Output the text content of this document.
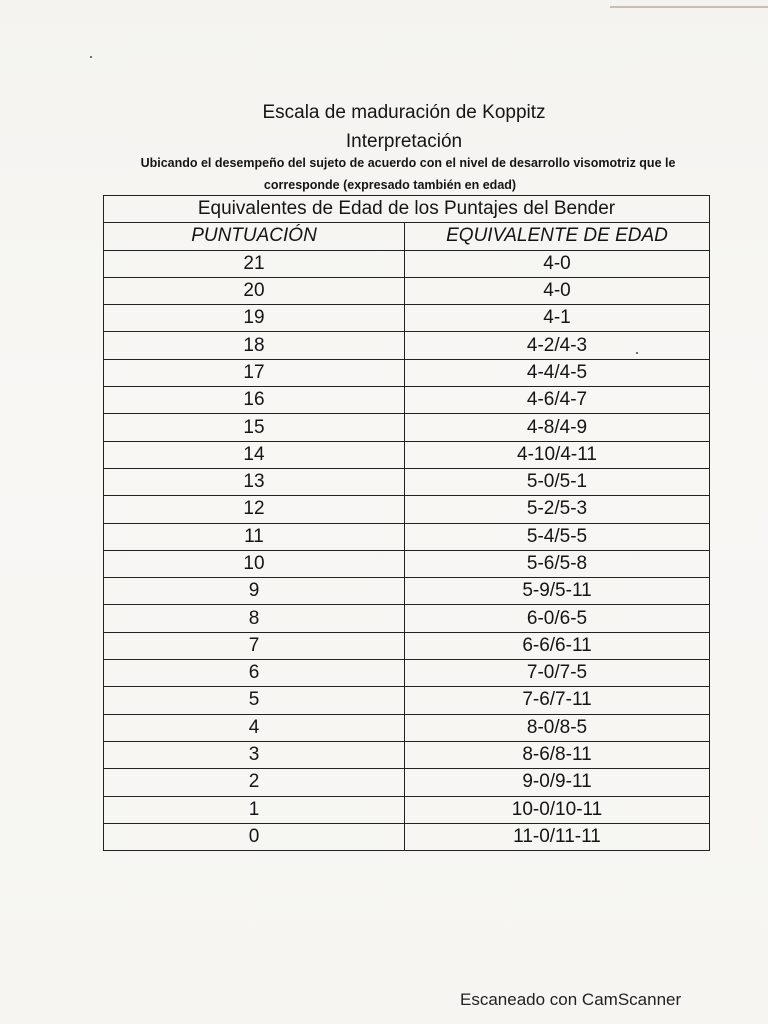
Escala de maduración de Koppitz
Interpretación
Ubicando el desempeño del sujeto de acuerdo con el nivel de desarrollo visomotriz que le
corresponde (expresado también en edad)
Equivalentes de Edad de los Puntajes del Bender	
PUNTUACIÓN	EQUIVALENTE DE EDAD
21	4-0
20	4-0
19	4-1
18	4-2/4-3
17	4-4/4-5
16	4-6/4-7
15	4-8/4-9
14	4-10/4-11
13	5-0/5-1
12	5-2/5-3
11	5-4/5-5
10	5-6/5-8
9	5-9/5-11
8	6-0/6-5
7	6-6/6-11
6	7-0/7-5
5	7-6/7-11
4	8-0/8-5
3	8-6/8-11
2	9-0/9-11
1	10-0/10-11
0	11-0/11-11
Escaneado con CamScanner
